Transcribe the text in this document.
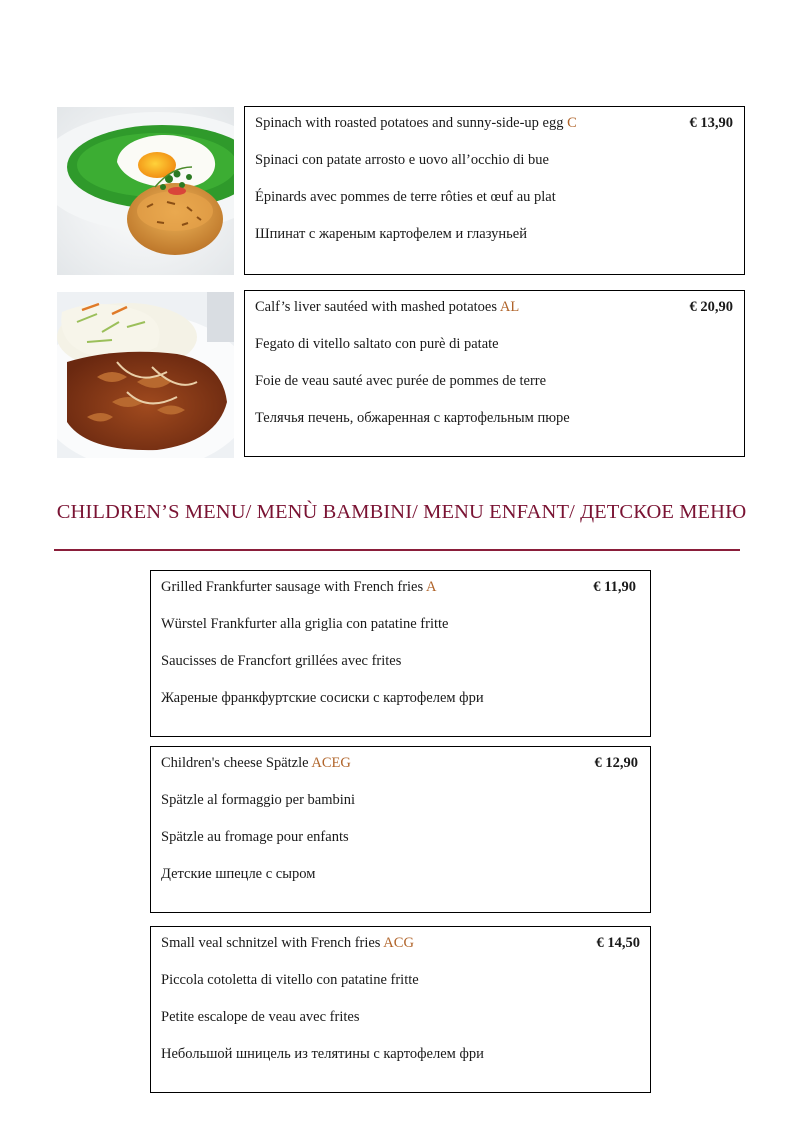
Spinach with roasted potatoes and sunny-side-up egg C	€ 13,90
Spinaci con patate arrosto e uovo all’occhio di bue
Épinards avec pommes de terre rôties et œuf au plat
Шпинат с жареным картофелем и глазуньей
Calf’s liver sautéed with mashed potatoes AL	€ 20,90
Fegato di vitello saltato con purè di patate
Foie de veau sauté avec purée de pommes de terre
Телячья печень, обжаренная с картофельным пюре
CHILDREN’S MENU/ MENÙ BAMBINI/ MENU ENFANT/ ДЕТСКОЕ МЕНЮ
Grilled Frankfurter sausage with French fries A	€ 11,90
Würstel Frankfurter alla griglia con patatine fritte
Saucisses de Francfort grillées avec frites
Жареные франкфуртские сосиски с картофелем фри
Children's cheese Spätzle ACEG	€ 12,90
Spätzle al formaggio per bambini
Spätzle au fromage pour enfants
Детские шпецле с сыром
Small veal schnitzel with French fries ACG	€ 14,50
Piccola cotoletta di vitello con patatine fritte
Petite escalope de veau avec frites
Небольшой шницель из телятины с картофелем фри
